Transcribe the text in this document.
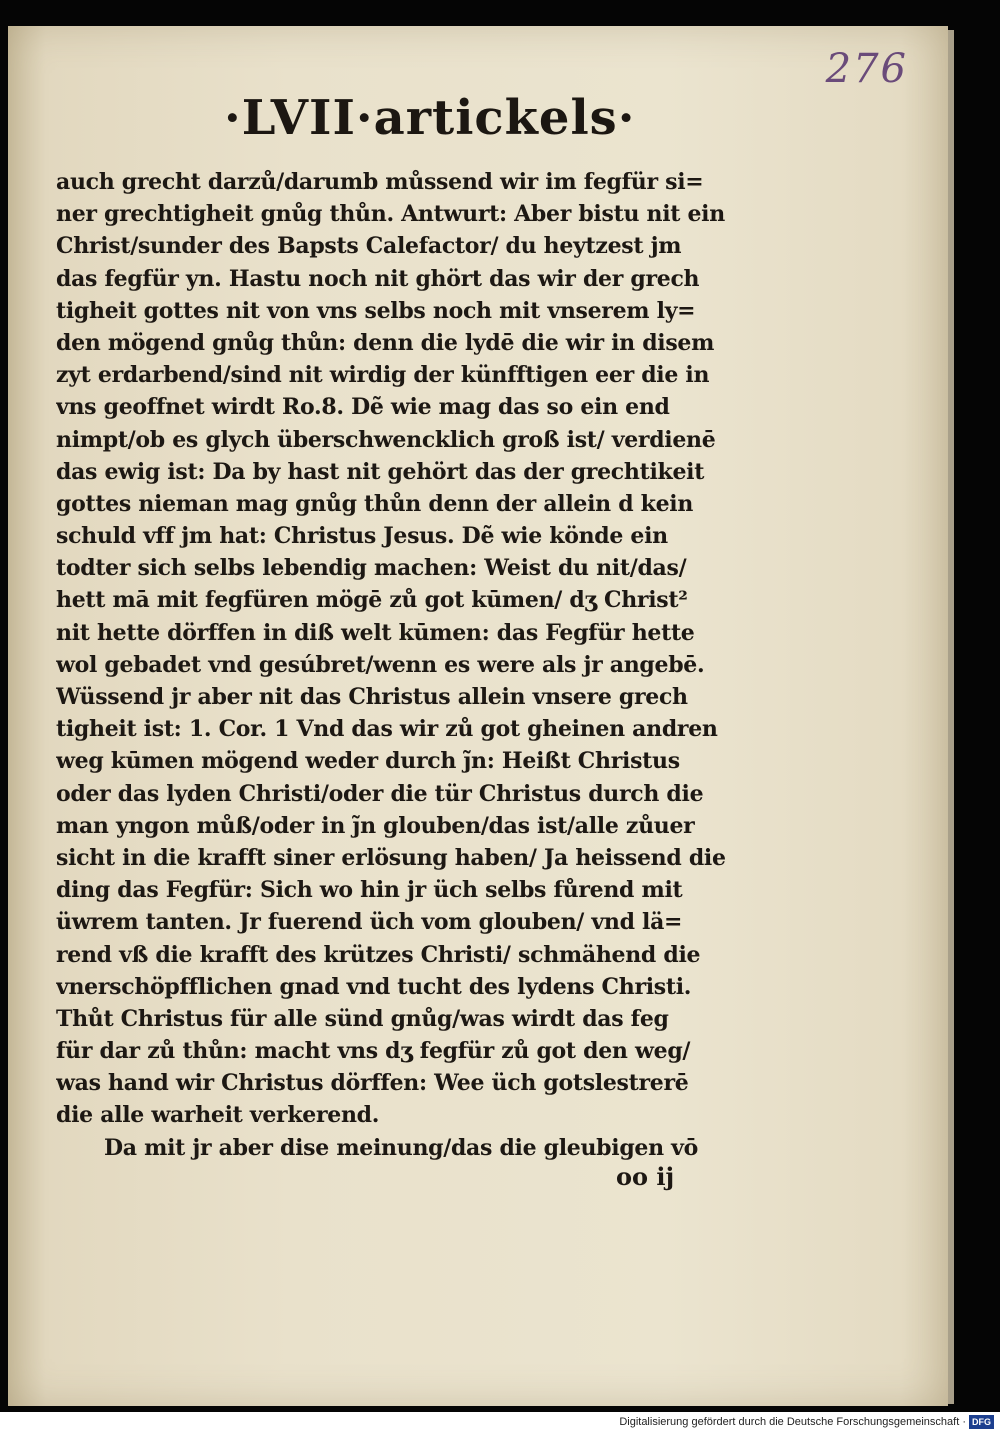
276
·LVII·artickels·
auch grecht darzů/darumb můssend wir im fegfür si=
ner grechtigheit gnůg thůn. Antwurt: Aber bistu nit ein
Christ/sunder des Bapsts Calefactor/ du heytzest jm
das fegfür yn. Hastu noch nit ghört das wir der grech
tigheit gottes nit von vns selbs noch mit vnserem ly=
den mögend gnůg thůn: denn die lydē die wir in disem
zyt erdarbend/sind nit wirdig der künfftigen eer die in
vns geoffnet wirdt Ro.8. Dẽ wie mag das so ein end
nimpt/ob es glych überschwencklich groß ist/ verdienē
das ewig ist: Da by hast nit gehört das der grechtikeit
gottes nieman mag gnůg thůn denn der allein d kein
schuld vff jm hat: Christus Jesus. Dẽ wie könde ein
todter sich selbs lebendig machen: Weist du nit/das/
hett mā mit fegfüren mögē zů got kūmen/ dʒ Christ²
nit hette dörffen in diß welt kūmen: das Fegfür hette
wol gebadet vnd gesúbret/wenn es were als jr angebē.
Wüssend jr aber nit das Christus allein vnsere grech
tigheit ist: 1. Cor. 1 Vnd das wir zů got gheinen andren
weg kūmen mögend weder durch j̃n: Heißt Christus
oder das lyden Christi/oder die tür Christus durch die
man yngon můß/oder in j̃n glouben/das ist/alle zůuer
sicht in die krafft siner erlösung haben/ Ja heissend die
ding das Fegfür: Sich wo hin jr üch selbs fůrend mit
üwrem tanten. Jr fuerend üch vom glouben/ vnd lä=
rend vß die krafft des krützes Christi/ schmähend die
vnerschöpfflichen gnad vnd tucht des lydens Christi.
Thůt Christus für alle sünd gnůg/was wirdt das feg
für dar zů thůn: macht vns dʒ fegfür zů got den weg/
was hand wir Christus dörffen: Wee üch gotslestrerē
die alle warheit verkerend.
Da mit jr aber dise meinung/das die gleubigen vō
oo ij
Digitalisierung gefördert durch die Deutsche Forschungsgemeinschaft · DFG
